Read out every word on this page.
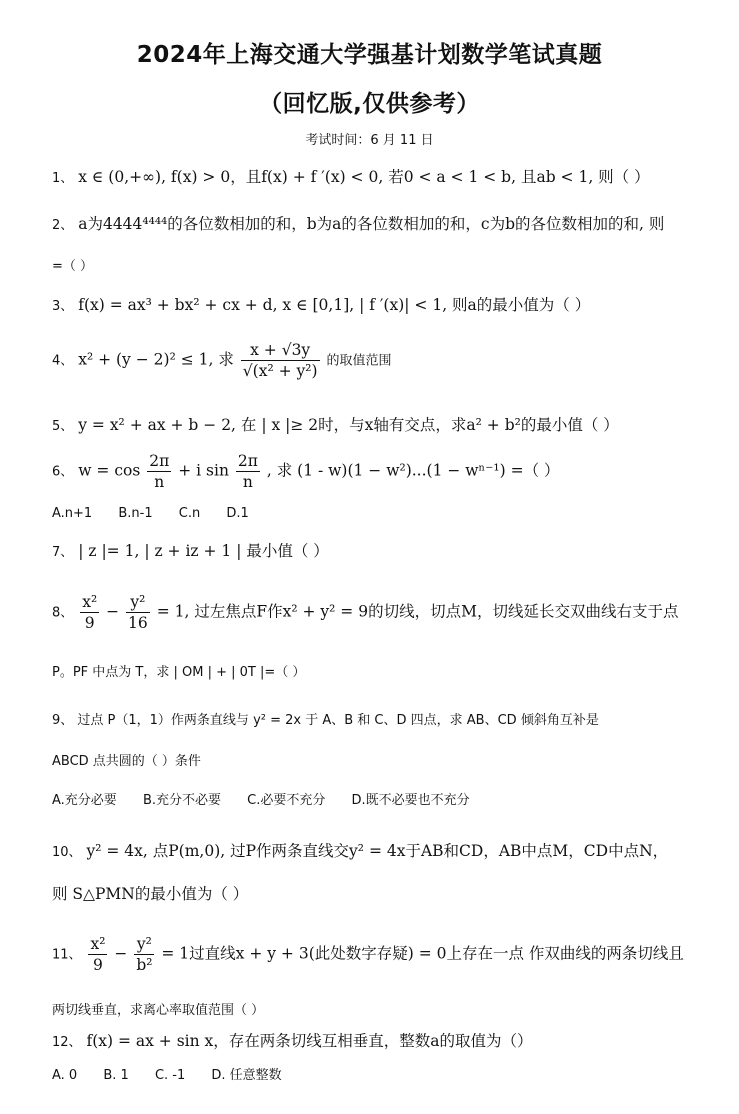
2024年上海交通大学强基计划数学笔试真题
（回忆版,仅供参考）
考试时间：6 月 11 日
1、 x ∈ (0,+∞), f(x) > 0，且f(x) + f ′(x) < 0, 若0 < a < 1 < b, 且ab < 1, 则（ ）
2、 a为4444⁴⁴⁴⁴的各位数相加的和，b为a的各位数相加的和，c为b的各位数相加的和, 则
=（ ）
3、 f(x) = ax³ + bx² + cx + d, x ∈ [0,1], | f ′(x)| < 1, 则a的最小值为（ ）
4、 x² + (y − 2)² ≤ 1, 求 $\frac{x + √3y}{\text{√(x² + y²)}}$ 的取值范围
5、 y = x² + ax + b − 2, 在 | x |≥ 2时，与x轴有交点，求a² + b²的最小值（ ）
6、 $w = \cos \frac{2\pi}{n} + i$ $\sin \frac{2\pi}{n}$ , 求 (1 - w)(1 − w²)...(1 − wⁿ⁻¹) =（ ）
A.n+1 B.n-1 C.n D.1
7、 | z |= 1, | z + iz + 1 | 最小值（ ）
8、 $\frac{\text{x²}}{9} - \frac{\text{y²}}{16} = 1$, 过左焦点F作x² + y² = 9的切线，切点M，切线延长交双曲线右支于点
P。PF 中点为 T，求 | OM | + | 0T |=（ ）
9、 过点 P（1，1）作两条直线与 y² = 2x 于 A、B 和 C、D 四点，求 AB、CD 倾斜角互补是
ABCD 点共圆的（ ）条件
A.充分必要 B.充分不必要 C.必要不充分 D.既不必要也不充分
10、 y² = 4x, 点P(m,0), 过P作两条直线交y² = 4x于AB和CD，AB中点M，CD中点N，
则 S△PMN的最小值为（ ）
11、 $\frac{\text{x²}}{9} - \frac{\text{y²}}{\text{b²}} = 1$过直线x + y + 3(此处数字存疑) = 0上存在一点 作双曲线的两条切线且
两切线垂直，求离心率取值范围（ ）
12、 f(x) = ax + sin x，存在两条切线互相垂直，整数a的取值为（）
A. 0 B. 1 C. -1 D. 任意整数
